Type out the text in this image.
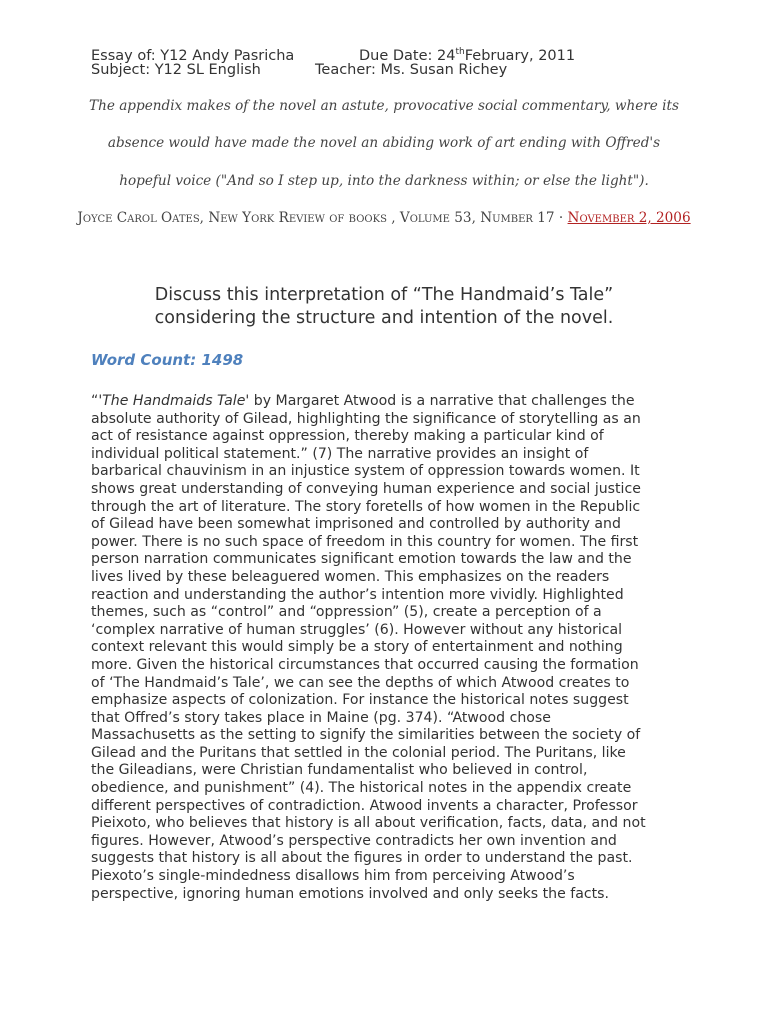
Essay of: Y12 Andy Pasricha	Due Date: 24thFebruary, 2011
Subject: Y12 SL English	Teacher: Ms. Susan Richey
The appendix makes of the novel an astute, provocative social commentary, where its
absence would have made the novel an abiding work of art ending with Offred's
hopeful voice ("And so I step up, into the darkness within; or else the light").
Joyce Carol Oates, New York Review of books , Volume 53, Number 17 · November 2, 2006
Discuss this interpretation of “The Handmaid’s Tale”
considering the structure and intention of the novel.
Word Count: 1498
“'The Handmaids Tale' by Margaret Atwood is a narrative that challenges the
absolute authority of Gilead, highlighting the significance of storytelling as an
act of resistance against oppression, thereby making a particular kind of
individual political statement.” (7) The narrative provides an insight of
barbarical chauvinism in an injustice system of oppression towards women. It
shows great understanding of conveying human experience and social justice
through the art of literature. The story foretells of how women in the Republic
of Gilead have been somewhat imprisoned and controlled by authority and
power. There is no such space of freedom in this country for women. The first
person narration communicates significant emotion towards the law and the
lives lived by these beleaguered women. This emphasizes on the readers
reaction and understanding the author’s intention more vividly. Highlighted
themes, such as “control” and “oppression” (5), create a perception of a
‘complex narrative of human struggles’ (6). However without any historical
context relevant this would simply be a story of entertainment and nothing
more. Given the historical circumstances that occurred causing the formation
of ‘The Handmaid’s Tale’, we can see the depths of which Atwood creates to
emphasize aspects of colonization. For instance the historical notes suggest
that Offred’s story takes place in Maine (pg. 374). “Atwood chose
Massachusetts as the setting to signify the similarities between the society of
Gilead and the Puritans that settled in the colonial period. The Puritans, like
the Gileadians, were Christian fundamentalist who believed in control,
obedience, and punishment” (4). The historical notes in the appendix create
different perspectives of contradiction. Atwood invents a character, Professor
Pieixoto, who believes that history is all about verification, facts, data, and not
figures. However, Atwood’s perspective contradicts her own invention and
suggests that history is all about the figures in order to understand the past.
Piexoto’s single-mindedness disallows him from perceiving Atwood’s
perspective, ignoring human emotions involved and only seeks the facts.
